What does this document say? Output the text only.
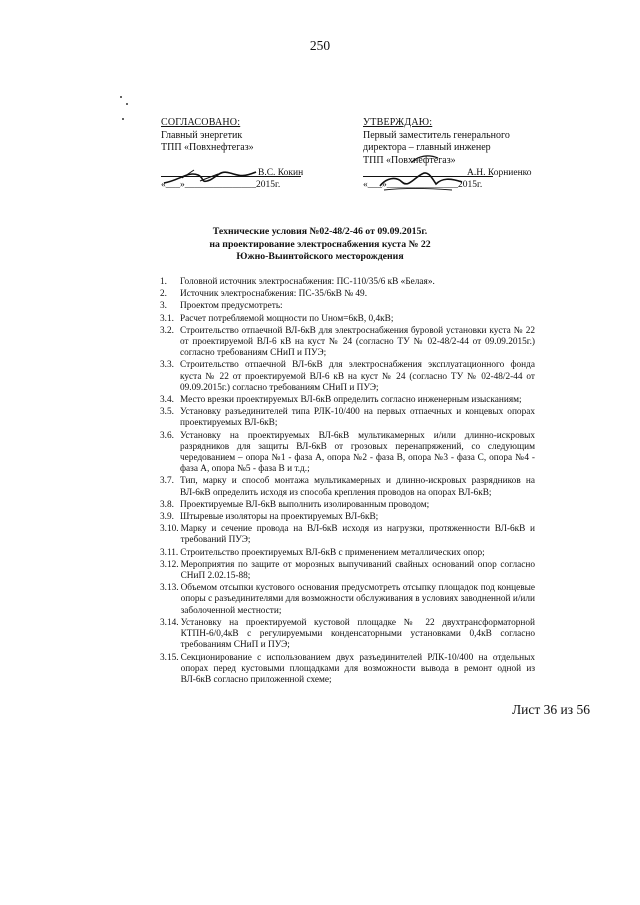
250
СОГЛАСОВАНО:
Главный энергетик
ТПП «Повхнефтегаз»
В.С. Кокин
«___»_______________2015г.
УТВЕРЖДАЮ:
Первый заместитель генерального
директора – главный инженер
ТПП «Повхнефтегаз»
А.Н. Корниенко
«___»_______________2015г.
Технические условия №02-48/2-46 от 09.09.2015г.
на проектирование электроснабжения куста № 22
Южно-Выинтойского месторождения
1.	Головной источник электроснабжения: ПС-110/35/6 кВ «Белая».
2.	Источник электроснабжения: ПС-35/6кВ № 49.
3.	Проектом предусмотреть:
3.1. Расчет потребляемой мощности по Uном=6кВ, 0,4кВ;
3.2. Строительство отпаечной ВЛ-6кВ для электроснабжения буровой установки куста № 22 от проектируемой ВЛ-6 кВ на куст № 24 (согласно ТУ № 02-48/2-44 от 09.09.2015г.) согласно требованиям СНиП и ПУЭ;
3.3. Строительство отпаечной ВЛ-6кВ для электроснабжения эксплуатационного фонда куста № 22 от проектируемой ВЛ-6 кВ на куст № 24 (согласно ТУ № 02-48/2-44 от 09.09.2015г.) согласно требованиям СНиП и ПУЭ;
3.4. Место врезки проектируемых ВЛ-6кВ определить согласно инженерным изысканиям;
3.5. Установку разъединителей типа РЛК-10/400 на первых отпаечных и концевых опорах проектируемых ВЛ-6кВ;
3.6. Установку на проектируемых ВЛ-6кВ мультикамерных и/или длинно-искровых разрядников для защиты ВЛ-6кВ от грозовых перенапряжений, со следующим чередованием – опора №1 - фаза А, опора №2 - фаза В, опора №3 - фаза С, опора №4 - фаза А, опора №5 - фаза В и т.д.;
3.7. Тип, марку и способ монтажа мультикамерных и длинно-искровых разрядников на ВЛ-6кВ определить исходя из способа крепления проводов на опорах ВЛ-6кВ;
3.8. Проектируемые ВЛ-6кВ выполнить изолированным проводом;
3.9. Штыревые изоляторы на проектируемых ВЛ-6кВ;
3.10. Марку и сечение провода на ВЛ-6кВ исходя из нагрузки, протяженности ВЛ-6кВ и требований ПУЭ;
3.11. Строительство проектируемых ВЛ-6кВ с применением металлических опор;
3.12. Мероприятия по защите от морозных выпучиваний свайных оснований опор согласно СНиП 2.02.15-88;
3.13. Объемом отсыпки кустового основания предусмотреть отсыпку площадок под концевые опоры с разъединителями для возможности обслуживания в условиях заводненной и/или заболоченной местности;
3.14. Установку на проектируемой кустовой площадке № 22 двухтрансформаторной КТПН-6/0,4кВ с регулируемыми конденсаторными установками 0,4кВ согласно требованиям СНиП и ПУЭ;
3.15. Секционирование с использованием двух разъединителей РЛК-10/400 на отдельных опорах перед кустовыми площадками для возможности вывода в ремонт одной из ВЛ-6кВ согласно приложенной схеме;
Лист 36 из 56
